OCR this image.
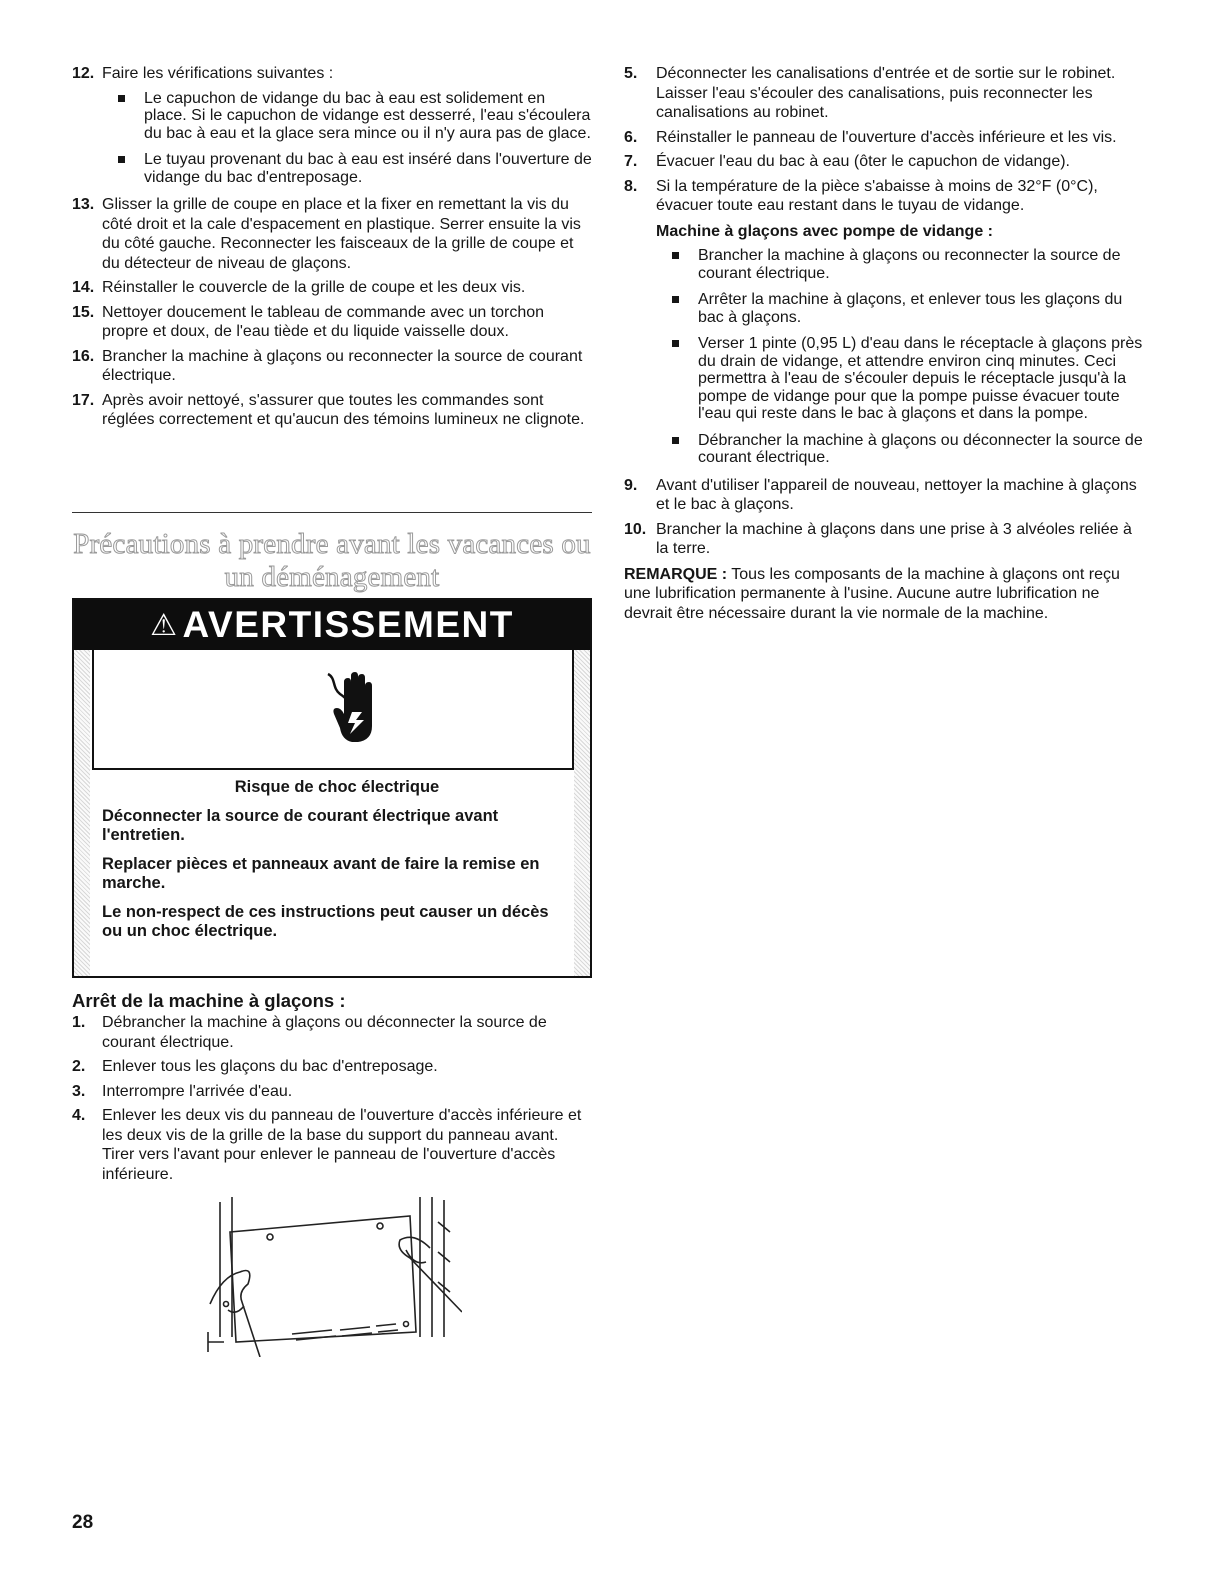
12. Faire les vérifications suivantes :
Le capuchon de vidange du bac à eau est solidement en place. Si le capuchon de vidange est desserré, l'eau s'écoulera du bac à eau et la glace sera mince ou il n'y aura pas de glace.
Le tuyau provenant du bac à eau est inséré dans l'ouverture de vidange du bac d'entreposage.
13. Glisser la grille de coupe en place et la fixer en remettant la vis du côté droit et la cale d'espacement en plastique. Serrer ensuite la vis du côté gauche. Reconnecter les faisceaux de la grille de coupe et du détecteur de niveau de glaçons.
14. Réinstaller le couvercle de la grille de coupe et les deux vis.
15. Nettoyer doucement le tableau de commande avec un torchon propre et doux, de l'eau tiède et du liquide vaisselle doux.
16. Brancher la machine à glaçons ou reconnecter la source de courant électrique.
17. Après avoir nettoyé, s'assurer que toutes les commandes sont réglées correctement et qu'aucun des témoins lumineux ne clignote.
Précautions à prendre avant les vacances ou un déménagement
⚠ AVERTISSEMENT
Risque de choc électrique

Déconnecter la source de courant électrique avant l'entretien.

Replacer pièces et panneaux avant de faire la remise en marche.

Le non-respect de ces instructions peut causer un décès ou un choc électrique.

Arrêt de la machine à glaçons :
1. Débrancher la machine à glaçons ou déconnecter la source de courant électrique.
2. Enlever tous les glaçons du bac d'entreposage.
3. Interrompre l'arrivée d'eau.
4. Enlever les deux vis du panneau de l'ouverture d'accès inférieure et les deux vis de la grille de la base du support du panneau avant. Tirer vers l'avant pour enlever le panneau de l'ouverture d'accès inférieure.
5. Déconnecter les canalisations d'entrée et de sortie sur le robinet. Laisser l'eau s'écouler des canalisations, puis reconnecter les canalisations au robinet.
6. Réinstaller le panneau de l'ouverture d'accès inférieure et les vis.
7. Évacuer l'eau du bac à eau (ôter le capuchon de vidange).
8. Si la température de la pièce s'abaisse à moins de 32°F (0°C), évacuer toute eau restant dans le tuyau de vidange.
Machine à glaçons avec pompe de vidange :
Brancher la machine à glaçons ou reconnecter la source de courant électrique.
Arrêter la machine à glaçons, et enlever tous les glaçons du bac à glaçons.
Verser 1 pinte (0,95 L) d'eau dans le réceptacle à glaçons près du drain de vidange, et attendre environ cinq minutes. Ceci permettra à l'eau de s'écouler depuis le réceptacle jusqu'à la pompe de vidange pour que la pompe puisse évacuer toute l'eau qui reste dans le bac à glaçons et dans la pompe.
Débrancher la machine à glaçons ou déconnecter la source de courant électrique.
9. Avant d'utiliser l'appareil de nouveau, nettoyer la machine à glaçons et le bac à glaçons.
10. Brancher la machine à glaçons dans une prise à 3 alvéoles reliée à la terre.
REMARQUE : Tous les composants de la machine à glaçons ont reçu une lubrification permanente à l'usine. Aucune autre lubrification ne devrait être nécessaire durant la vie normale de la machine.
28
